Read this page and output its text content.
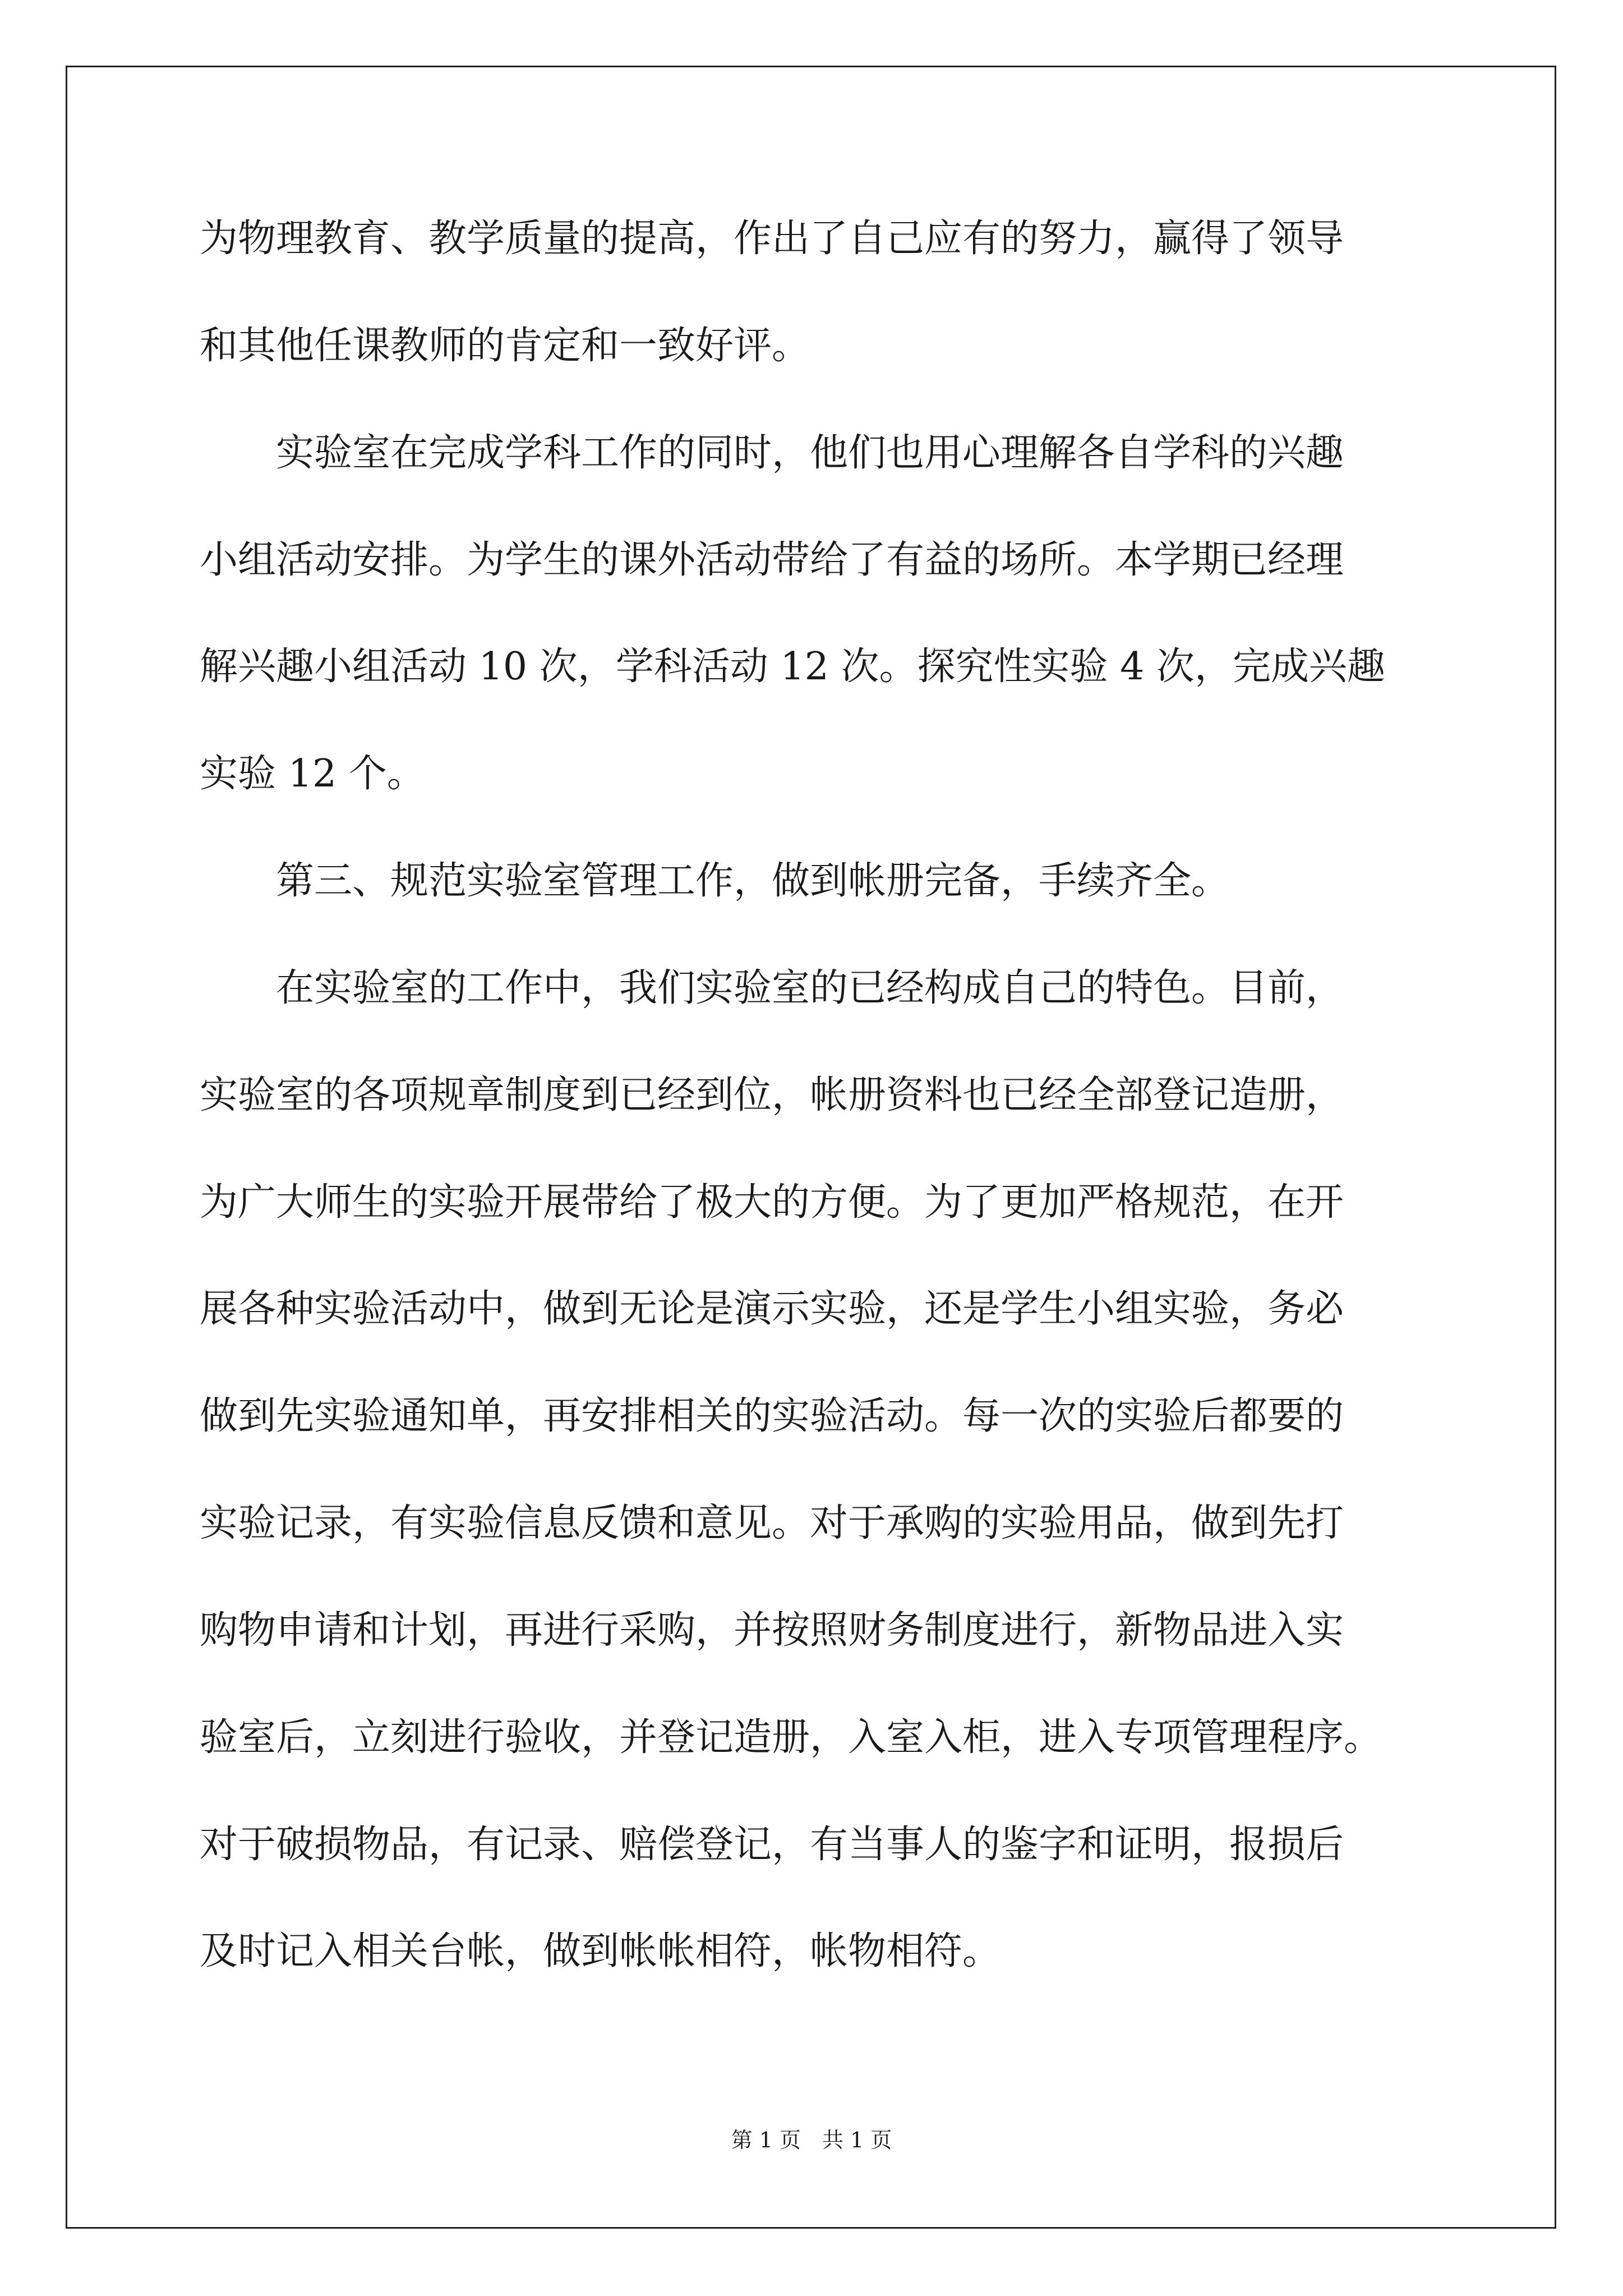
为物理教育、教学质量的提高，作出了自己应有的努力，赢得了领导

和其他任课教师的肯定和一致好评。

　　实验室在完成学科工作的同时，他们也用心理解各自学科的兴趣

小组活动安排。为学生的课外活动带给了有益的场所。本学期已经理

解兴趣小组活动 10 次，学科活动 12 次。探究性实验 4 次，完成兴趣

实验 12 个。

　　第三、规范实验室管理工作，做到帐册完备，手续齐全。

　　在实验室的工作中，我们实验室的已经构成自己的特色。目前，

实验室的各项规章制度到已经到位，帐册资料也已经全部登记造册，

为广大师生的实验开展带给了极大的方便。为了更加严格规范，在开

展各种实验活动中，做到无论是演示实验，还是学生小组实验，务必

做到先实验通知单，再安排相关的实验活动。每一次的实验后都要的

实验记录，有实验信息反馈和意见。对于承购的实验用品，做到先打

购物申请和计划，再进行采购，并按照财务制度进行，新物品进入实

验室后，立刻进行验收，并登记造册，入室入柜，进入专项管理程序。

对于破损物品，有记录、赔偿登记，有当事人的鉴字和证明，报损后

及时记入相关台帐，做到帐帐相符，帐物相符。

第 1 页　共 1 页
